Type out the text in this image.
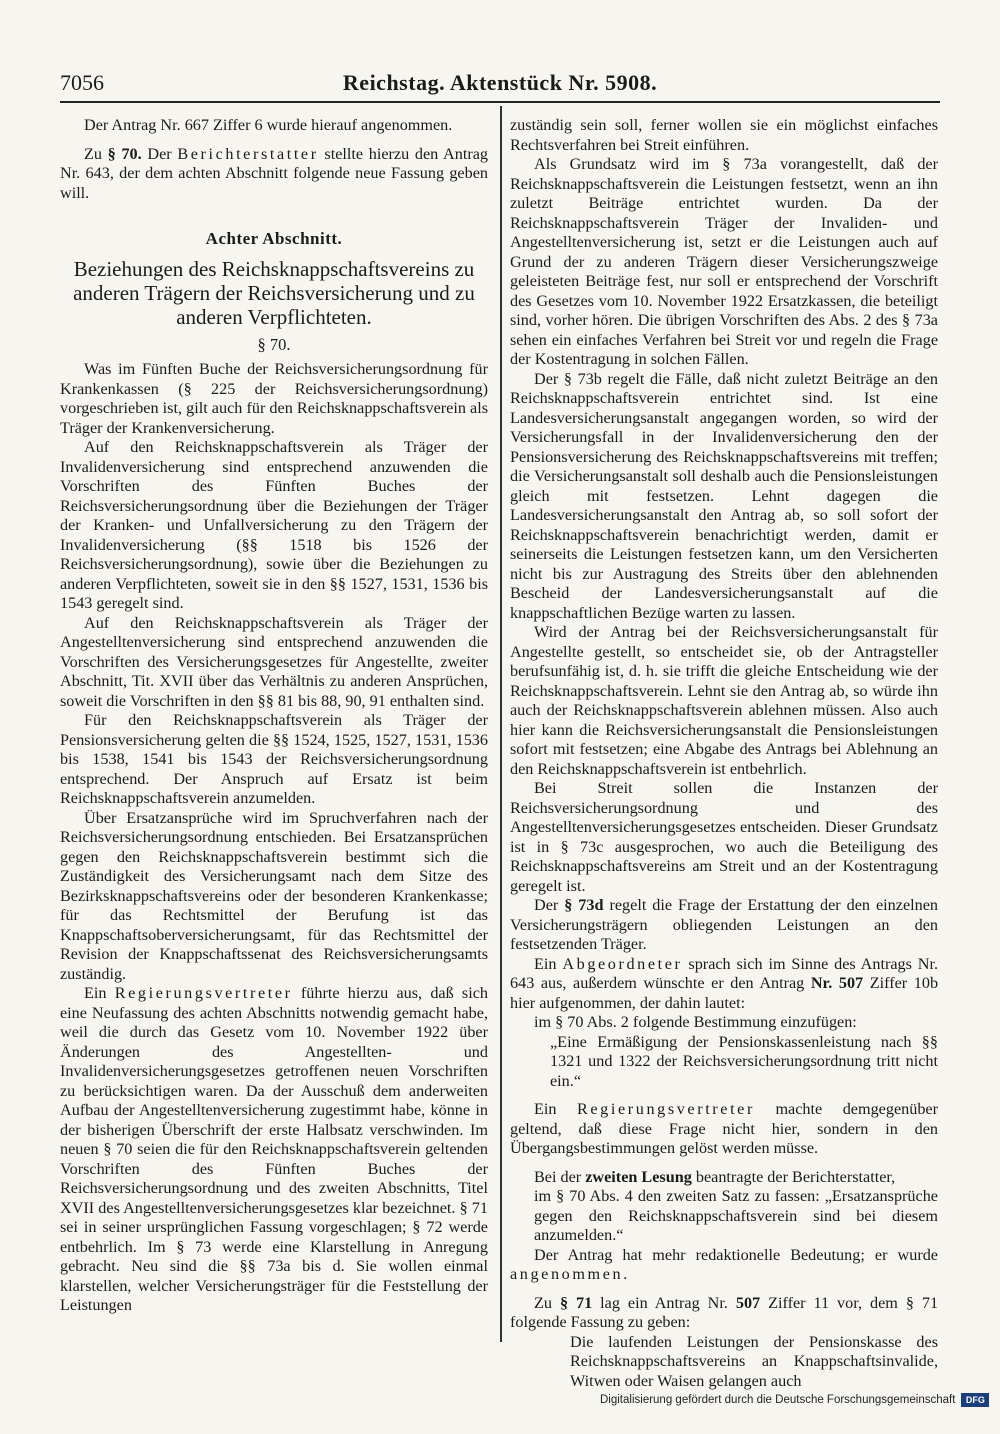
7056	Reichstag. Aktenstück Nr. 5908.

Der Antrag Nr. 667 Ziffer 6 wurde hierauf angenommen.

Zu § 70. Der Berichterstatter stellte hierzu den Antrag Nr. 643, der dem achten Abschnitt folgende neue Fassung geben will.

Achter Abschnitt.
Beziehungen des Reichsknappschaftsvereins zu anderen Trägern der Reichsversicherung und zu anderen Verpflichteten.
§ 70.

Was im Fünften Buche der Reichsversicherungsordnung für Krankenkassen (§ 225 der Reichsversicherungsordnung) vorgeschrieben ist, gilt auch für den Reichsknappschaftsverein als Träger der Krankenversicherung.

Auf den Reichsknappschaftsverein als Träger der Invalidenversicherung sind entsprechend anzuwenden die Vorschriften des Fünften Buches der Reichsversicherungsordnung über die Beziehungen der Träger der Kranken- und Unfallversicherung zu den Trägern der Invalidenversicherung (§§ 1518 bis 1526 der Reichsversicherungsordnung), sowie über die Beziehungen zu anderen Verpflichteten, soweit sie in den §§ 1527, 1531, 1536 bis 1543 geregelt sind.

Auf den Reichsknappschaftsverein als Träger der Angestelltenversicherung sind entsprechend anzuwenden die Vorschriften des Versicherungsgesetzes für Angestellte, zweiter Abschnitt, Tit. XVII über das Verhältnis zu anderen Ansprüchen, soweit die Vorschriften in den §§ 81 bis 88, 90, 91 enthalten sind.

Für den Reichsknappschaftsverein als Träger der Pensionsversicherung gelten die §§ 1524, 1525, 1527, 1531, 1536 bis 1538, 1541 bis 1543 der Reichsversicherungsordnung entsprechend. Der Anspruch auf Ersatz ist beim Reichsknappschaftsverein anzumelden.

Über Ersatzansprüche wird im Spruchverfahren nach der Reichsversicherungsordnung entschieden. Bei Ersatzansprüchen gegen den Reichsknappschaftsverein bestimmt sich die Zuständigkeit des Versicherungsamt nach dem Sitze des Bezirksknappschaftsvereins oder der besonderen Krankenkasse; für das Rechtsmittel der Berufung ist das Knappschaftsoberversicherungsamt, für das Rechtsmittel der Revision der Knappschaftssenat des Reichsversicherungsamts zuständig.

Ein Regierungsvertreter führte hierzu aus, daß sich eine Neufassung des achten Abschnitts notwendig gemacht habe, weil die durch das Gesetz vom 10. November 1922 über Änderungen des Angestellten- und Invalidenversicherungsgesetzes getroffenen neuen Vorschriften zu berücksichtigen waren. Da der Ausschuß dem anderweiten Aufbau der Angestelltenversicherung zugestimmt habe, könne in der bisherigen Überschrift der erste Halbsatz verschwinden. Im neuen § 70 seien die für den Reichsknappschaftsverein geltenden Vorschriften des Fünften Buches der Reichsversicherungsordnung und des zweiten Abschnitts, Titel XVII des Angestelltenversicherungsgesetzes klar bezeichnet. § 71 sei in seiner ursprünglichen Fassung vorgeschlagen; § 72 werde entbehrlich. Im § 73 werde eine Klarstellung in Anregung gebracht. Neu sind die §§ 73a bis d. Sie wollen einmal klarstellen, welcher Versicherungsträger für die Feststellung der Leistungen

zuständig sein soll, ferner wollen sie ein möglichst einfaches Rechtsverfahren bei Streit einführen.

Als Grundsatz wird im § 73a vorangestellt, daß der Reichsknappschaftsverein die Leistungen festsetzt, wenn an ihn zuletzt Beiträge entrichtet wurden. Da der Reichsknappschaftsverein Träger der Invaliden- und Angestelltenversicherung ist, setzt er die Leistungen auch auf Grund der zu anderen Trägern dieser Versicherungszweige geleisteten Beiträge fest, nur soll er entsprechend der Vorschrift des Gesetzes vom 10. November 1922 Ersatzkassen, die beteiligt sind, vorher hören. Die übrigen Vorschriften des Abs. 2 des § 73a sehen ein einfaches Verfahren bei Streit vor und regeln die Frage der Kostentragung in solchen Fällen.

Der § 73b regelt die Fälle, daß nicht zuletzt Beiträge an den Reichsknappschaftsverein entrichtet sind. Ist eine Landesversicherungsanstalt angegangen worden, so wird der Versicherungsfall in der Invalidenversicherung den der Pensionsversicherung des Reichsknappschaftsvereins mit treffen; die Versicherungsanstalt soll deshalb auch die Pensionsleistungen gleich mit festsetzen. Lehnt dagegen die Landesversicherungsanstalt den Antrag ab, so soll sofort der Reichsknappschaftsverein benachrichtigt werden, damit er seinerseits die Leistungen festsetzen kann, um den Versicherten nicht bis zur Austragung des Streits über den ablehnenden Bescheid der Landesversicherungsanstalt auf die knappschaftlichen Bezüge warten zu lassen.

Wird der Antrag bei der Reichsversicherungsanstalt für Angestellte gestellt, so entscheidet sie, ob der Antragsteller berufsunfähig ist, d. h. sie trifft die gleiche Entscheidung wie der Reichsknappschaftsverein. Lehnt sie den Antrag ab, so würde ihn auch der Reichsknappschaftsverein ablehnen müssen. Also auch hier kann die Reichsversicherungsanstalt die Pensionsleistungen sofort mit festsetzen; eine Abgabe des Antrags bei Ablehnung an den Reichsknappschaftsverein ist entbehrlich.

Bei Streit sollen die Instanzen der Reichsversicherungsordnung und des Angestelltenversicherungsgesetzes entscheiden. Dieser Grundsatz ist in § 73c ausgesprochen, wo auch die Beteiligung des Reichsknappschaftsvereins am Streit und an der Kostentragung geregelt ist.

Der § 73d regelt die Frage der Erstattung der den einzelnen Versicherungsträgern obliegenden Leistungen an den festsetzenden Träger.

Ein Abgeordneter sprach sich im Sinne des Antrags Nr. 643 aus, außerdem wünschte er den Antrag Nr. 507 Ziffer 10b hier aufgenommen, der dahin lautet:

im § 70 Abs. 2 folgende Bestimmung einzufügen:

„Eine Ermäßigung der Pensionskassenleistung nach §§ 1321 und 1322 der Reichsversicherungsordnung tritt nicht ein.“

Ein Regierungsvertreter machte demgegenüber geltend, daß diese Frage nicht hier, sondern in den Übergangsbestimmungen gelöst werden müsse.

Bei der zweiten Lesung beantragte der Berichterstatter,

im § 70 Abs. 4 den zweiten Satz zu fassen: „Ersatzansprüche gegen den Reichsknappschaftsverein sind bei diesem anzumelden.“

Der Antrag hat mehr redaktionelle Bedeutung; er wurde angenommen.

Zu § 71 lag ein Antrag Nr. 507 Ziffer 11 vor, dem § 71 folgende Fassung zu geben:

Die laufenden Leistungen der Pensionskasse des Reichsknappschaftsvereins an Knappschaftsinvalide, Witwen oder Waisen gelangen auch

Digitalisierung gefördert durch die Deutsche Forschungsgemeinschaft DFG
